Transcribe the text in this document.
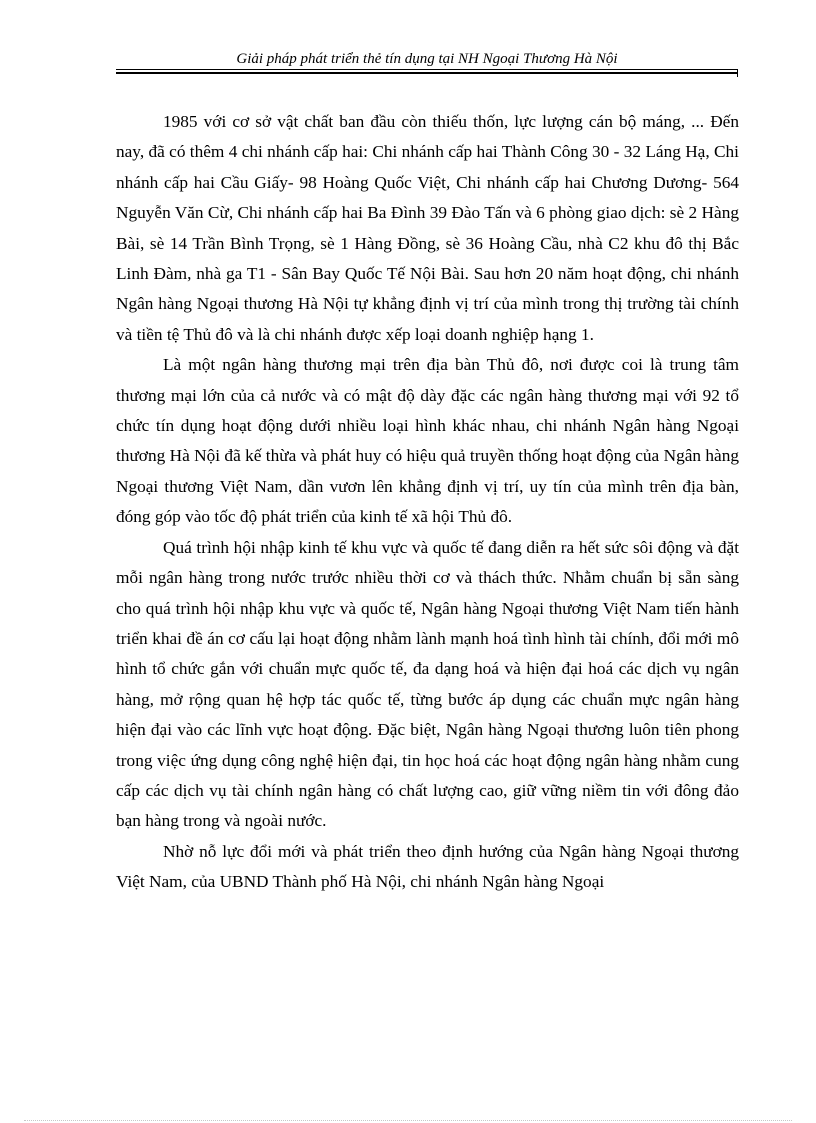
Giải pháp phát triển thẻ tín dụng tại NH Ngoại Thương Hà Nội

1985 với cơ sở vật chất ban đầu còn thiếu thốn, lực lượng cán bộ máng, ... Đến nay, đã có thêm 4 chi nhánh cấp hai: Chi nhánh cấp hai Thành Công 30 - 32 Láng Hạ, Chi nhánh cấp hai Cầu Giấy- 98 Hoàng Quốc Việt, Chi nhánh cấp hai Chương Dương- 564 Nguyễn Văn Cừ, Chi nhánh cấp hai Ba Đình 39 Đào Tấn và 6 phòng giao dịch: sè 2 Hàng Bài, sè 14 Trần Bình Trọng, sè 1 Hàng Đồng, sè 36 Hoàng Cầu, nhà C2 khu đô thị Bắc Linh Đàm, nhà ga T1 - Sân Bay Quốc Tế Nội Bài. Sau hơn 20 năm hoạt động, chi nhánh Ngân hàng Ngoại thương Hà Nội tự khẳng định vị trí của mình trong thị trường tài chính và tiền tệ Thủ đô và là chi nhánh được xếp loại doanh nghiệp hạng 1.

Là một ngân hàng thương mại trên địa bàn Thủ đô, nơi được coi là trung tâm thương mại lớn của cả nước và có mật độ dày đặc các ngân hàng thương mại với 92 tổ chức tín dụng hoạt động dưới nhiều loại hình khác nhau, chi nhánh Ngân hàng Ngoại thương Hà Nội đã kế thừa và phát huy có hiệu quả truyền thống hoạt động của Ngân hàng Ngoại thương Việt Nam, dần vươn lên khẳng định vị trí, uy tín của mình trên địa bàn, đóng góp vào tốc độ phát triển của kinh tế xã hội Thủ đô.

Quá trình hội nhập kinh tế khu vực và quốc tế đang diễn ra hết sức sôi động và đặt mỗi ngân hàng trong nước trước nhiều thời cơ và thách thức. Nhằm chuẩn bị sẵn sàng cho quá trình hội nhập khu vực và quốc tế, Ngân hàng Ngoại thương Việt Nam tiến hành triển khai đề án cơ cấu lại hoạt động nhằm lành mạnh hoá tình hình tài chính, đổi mới mô hình tổ chức gắn với chuẩn mực quốc tế, đa dạng hoá và hiện đại hoá các dịch vụ ngân hàng, mở rộng quan hệ hợp tác quốc tế, từng bước áp dụng các chuẩn mực ngân hàng hiện đại vào các lĩnh vực hoạt động. Đặc biệt, Ngân hàng Ngoại thương luôn tiên phong trong việc ứng dụng công nghệ hiện đại, tin học hoá các hoạt động ngân hàng nhằm cung cấp các dịch vụ tài chính ngân hàng có chất lượng cao, giữ vững niềm tin với đông đảo bạn hàng trong và ngoài nước.

Nhờ nỗ lực đổi mới và phát triển theo định hướng của Ngân hàng Ngoại thương Việt Nam, của UBND Thành phố Hà Nội, chi nhánh Ngân hàng Ngoại
